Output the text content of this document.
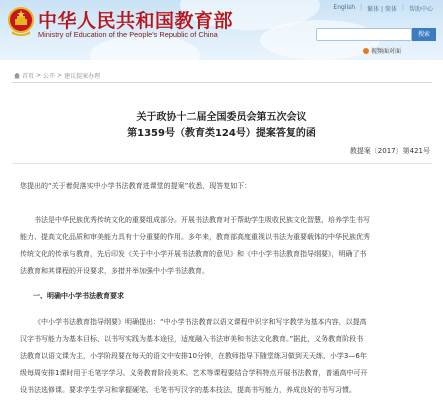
中华人民共和国教育部
Ministry of Education of the People's Republic of China
English | 繁体 | 简体 | 帮助中心
搜索
视频面对面
首页 > 公开 > 建议提案办理
关于政协十二届全国委员会第五次会议
第1359号（教育类124号）提案答复的函
教提案〔2017〕第421号
您提出的“关于着促落实中小学书法教育进课堂的提案”收悉，现答复如下：
书法是中华民族优秀传统文化的重要组成部分。开展书法教育对于帮助学生吸收民族文化智慧、培养学生书写
能力、提高文化品质和审美能力具有十分重要的作用。多年来，教育部高度重视以书法为重要载体的中华民族优秀
传统文化的传承与教育，先后印发《关于中小学开展书法教育的意见》和《中小学书法教育指导纲要》，明确了书
法教育和其课程的开设要求，多措并举加强中小学书法教育。
一、明确中小学书法教育要求
《中小学书法教育指导纲要》明确提出：“中小学书法教育以语文课程中识字和写字教学为基本内容，以提高
汉字书写能力为基本目标，以书写实践为基本途径，适度融入书法审美和书法文化教育。”据此，义务教育阶段书
法教育以语文课为主，小学阶段要在每天的语文中安排10分钟，在教师指导下随堂练习做到天天练，小学3—6年
级每周安排1课时用于毛笔字学习。义务教育阶段美术、艺术等课程要结合学科特点开展书法教育，普通高中可开
设书法选修课。要求学生学习和掌握硬笔、毛笔书写汉字的基本技法，提高书写能力，养成良好的书写习惯。
